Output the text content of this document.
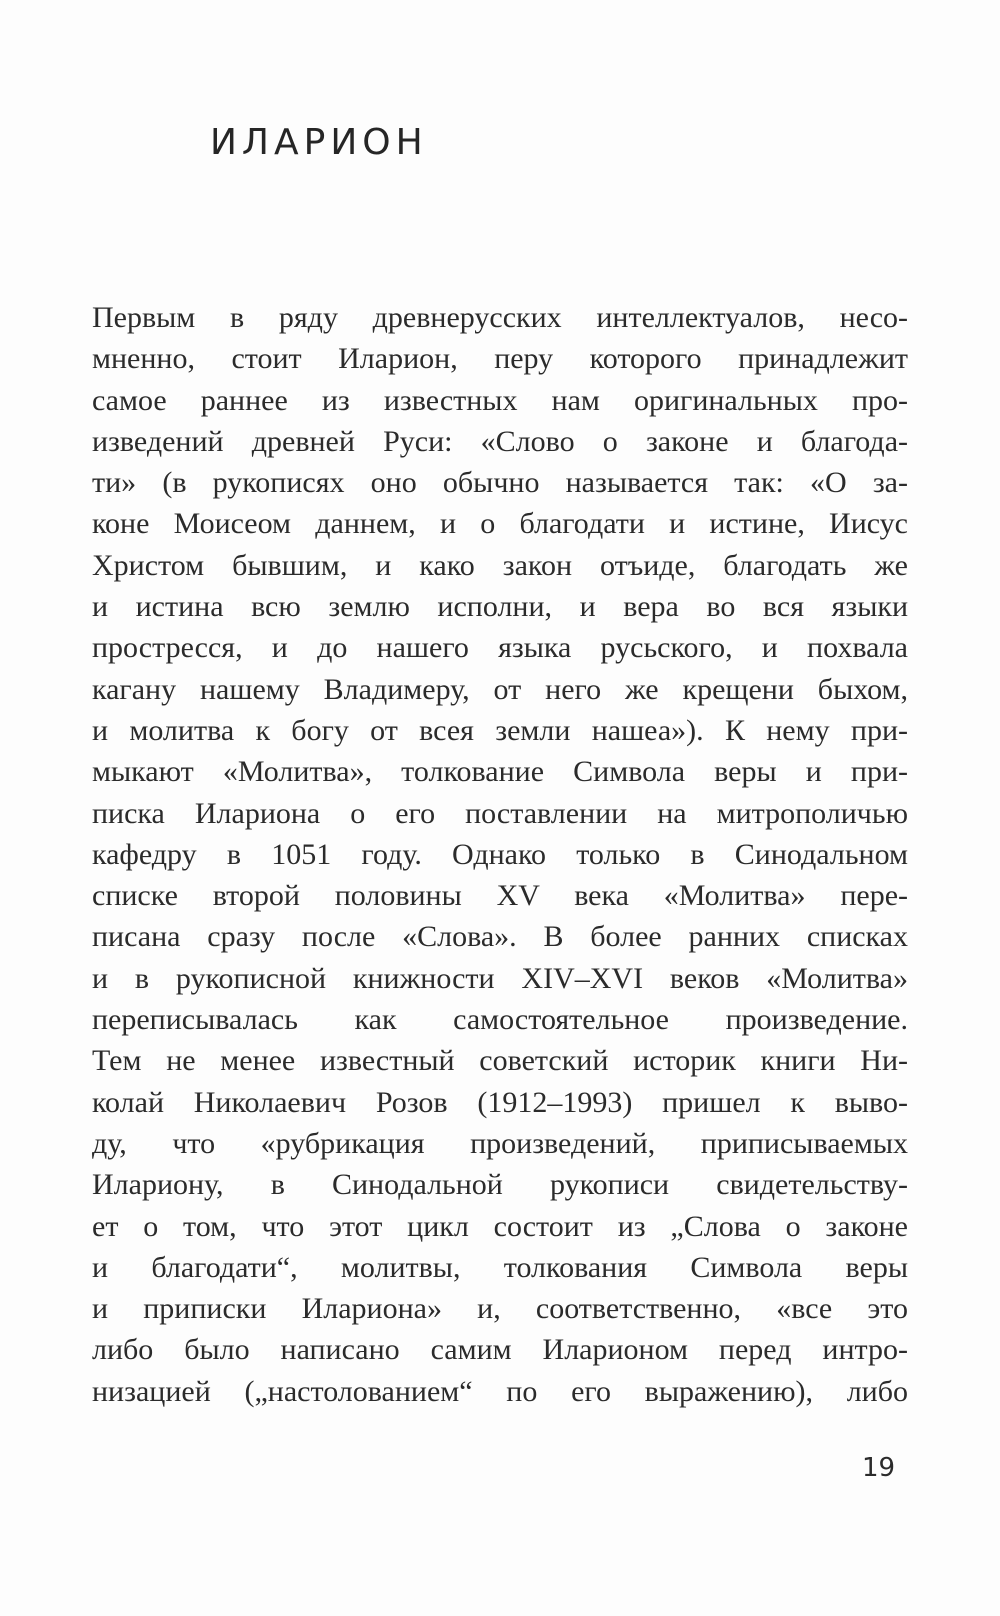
ИЛАРИОН
Первым в ряду древнерусских интеллектуалов, несо-
мненно, стоит Иларион, перу которого принадлежит
самое раннее из известных нам оригинальных про-
изведений древней Руси: «Слово о законе и благода-
ти» (в рукописях оно обычно называется так: «О за-
коне Моисеом даннем, и о благодати и истине, Иисус
Христом бывшим, и како закон отъиде, благодать же
и истина всю землю исполни, и вера во вся языки
простресся, и до нашего языка русьского, и похвала
кагану нашему Владимеру, от него же крещени быхом,
и молитва к богу от всея земли нашеа»). К нему при-
мыкают «Молитва», толкование Символа веры и при-
писка Илариона о его поставлении на митрополичью
кафедру в 1051 году. Однако только в Синодальном
списке второй половины XV века «Молитва» пере-
писана сразу после «Слова». В более ранних списках
и в рукописной книжности XIV–XVI веков «Молитва»
переписывалась как самостоятельное произведение.
Тем не менее известный советский историк книги Ни-
колай Николаевич Розов (1912–1993) пришел к выво-
ду, что «рубрикация произведений, приписываемых
Илариону, в Синодальной рукописи свидетельству-
ет о том, что этот цикл состоит из „Слова о законе
и благодати“, молитвы, толкования Символа веры
и приписки Илариона» и, соответственно, «все это
либо было написано самим Иларионом перед интро-
низацией („настолованием“ по его выражению), либо
19
